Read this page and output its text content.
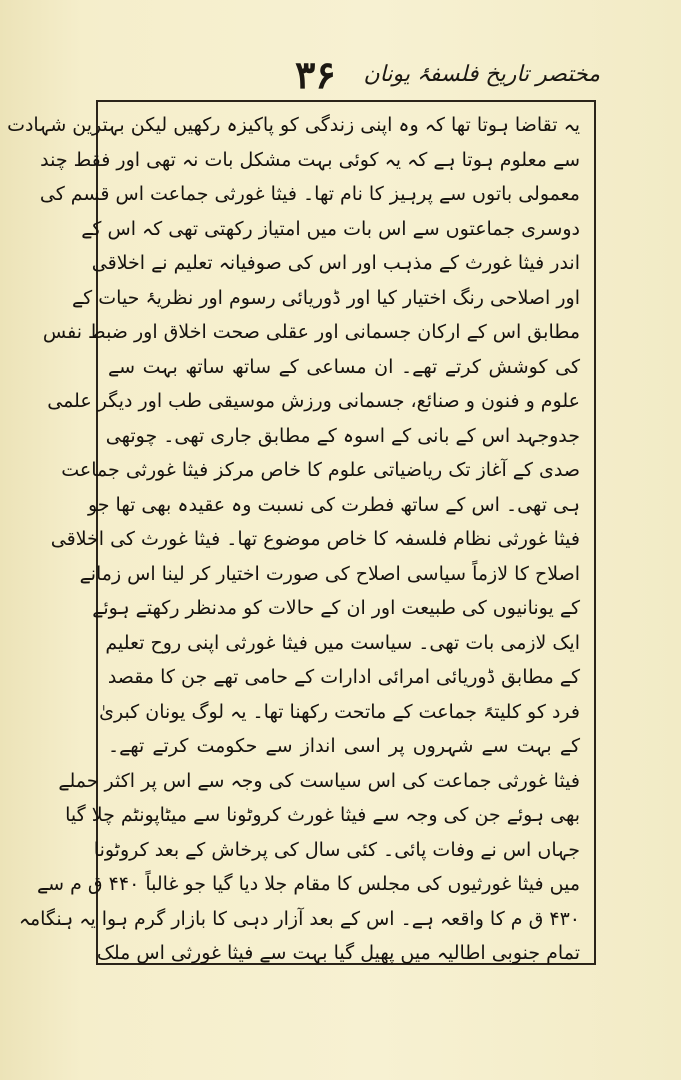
۳۶ مختصر تاریخ فلسفۂ یونان
یہ تقاضا ہوتا تھا کہ وہ اپنی زندگی کو پاکیزہ رکھیں لیکن بہترین شہادت
سے معلوم ہوتا ہے کہ یہ کوئی بہت مشکل بات نہ تھی اور فقط چند
معمولی باتوں سے پرہیز کا نام تھا۔ فیثا غورثی جماعت اس قسم کی
دوسری جماعتوں سے اس بات میں امتیاز رکھتی تھی کہ اس کے
اندر فیثا غورث کے مذہب اور اس کی صوفیانہ تعلیم نے اخلاقی
اور اصلاحی رنگ اختیار کیا اور ڈوریائی رسوم اور نظریۂ حیات کے
مطابق اس کے ارکان جسمانی اور عقلی صحت اخلاق اور ضبط نفس
کی کوشش کرتے تھے۔ ان مساعی کے ساتھ ساتھ بہت سے
علوم و فنون و صنائع، جسمانی ورزش موسیقی طب اور دیگر علمی
جدوجہد اس کے بانی کے اسوہ کے مطابق جاری تھی۔ چوتھی
صدی کے آغاز تک ریاضیاتی علوم کا خاص مرکز فیثا غورثی جماعت
ہی تھی۔ اس کے ساتھ فطرت کی نسبت وہ عقیدہ بھی تھا جو
فیثا غورثی نظام فلسفہ کا خاص موضوع تھا۔ فیثا غورث کی اخلاقی
اصلاح کا لازماً سیاسی اصلاح کی صورت اختیار کر لینا اس زمانے
کے یونانیوں کی طبیعت اور ان کے حالات کو مدنظر رکھتے ہوئے
ایک لازمی بات تھی۔ سیاست میں فیثا غورثی اپنی روح تعلیم
کے مطابق ڈوریائی امرائی ادارات کے حامی تھے جن کا مقصد
فرد کو کلیتہً جماعت کے ماتحت رکھنا تھا۔ یہ لوگ یونان کبریٰ
کے بہت سے شہروں پر اسی انداز سے حکومت کرتے تھے۔
فیثا غورثی جماعت کی اس سیاست کی وجہ سے اس پر اکثر حملے
بھی ہوئے جن کی وجہ سے فیثا غورث کروٹونا سے میٹاپونٹم چلا گیا
جہاں اس نے وفات پائی۔ کئی سال کی پرخاش کے بعد کروٹونا
میں فیثا غورثیوں کی مجلس کا مقام جلا دیا گیا جو غالباً ۴۴۰ ق م سے
۴۳۰ ق م کا واقعہ ہے۔ اس کے بعد آزار دہی کا بازار گرم ہوا یہ ہنگامہ
تمام جنوبی اطالیہ میں پھیل گیا بہت سے فیثا غورثی اس ملک
